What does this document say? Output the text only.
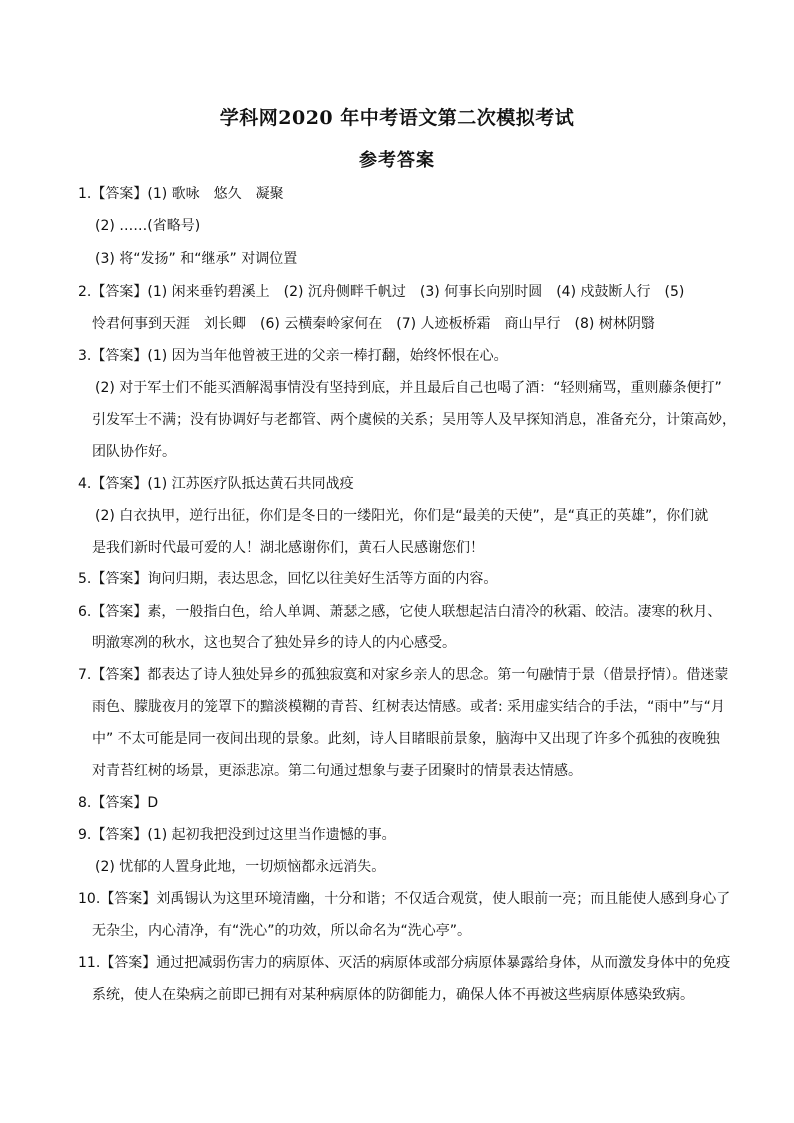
学科网2020 年中考语文第二次模拟考试
参考答案
1.【答案】(1) 歌咏　悠久　凝聚
(2) ……(省略号)
(3) 将“发扬” 和“继承” 对调位置
2.【答案】(1) 闲来垂钓碧溪上　(2) 沉舟侧畔千帆过　(3) 何事长向别时圆　(4) 戍鼓断人行　(5)
怜君何事到天涯　刘长卿　(6) 云横秦岭家何在　(7) 人迹板桥霜　商山早行　(8) 树林阴翳
3.【答案】(1) 因为当年他曾被王进的父亲一棒打翻，始终怀恨在心。
(2) 对于军士们不能买酒解渴事情没有坚持到底，并且最后自己也喝了酒：“轻则痛骂，重则藤条便打”
引发军士不满；没有协调好与老都管、两个虞候的关系；吴用等人及早探知消息，准备充分，计策高妙，
团队协作好。
4.【答案】(1) 江苏医疗队抵达黄石共同战疫
(2) 白衣执甲，逆行出征，你们是冬日的一缕阳光，你们是“最美的天使”，是“真正的英雄”，你们就
是我们新时代最可爱的人！湖北感谢你们，黄石人民感谢您们！
5.【答案】询问归期，表达思念，回忆以往美好生活等方面的内容。
6.【答案】素，一般指白色，给人单调、萧瑟之感，它使人联想起洁白清冷的秋霜、皎洁。凄寒的秋月、
明澈寒冽的秋水，这也契合了独处异乡的诗人的内心感受。
7.【答案】都表达了诗人独处异乡的孤独寂寞和对家乡亲人的思念。第一句融情于景（借景抒情）。借迷蒙
雨色、朦胧夜月的笼罩下的黯淡模糊的青苔、红树表达情感。或者: 采用虚实结合的手法，“雨中”与“月
中” 不太可能是同一夜间出现的景象。此刻，诗人目睹眼前景象，脑海中又出现了许多个孤独的夜晚独
对青苔红树的场景，更添悲凉。第二句通过想象与妻子团聚时的情景表达情感。
8.【答案】D
9.【答案】(1) 起初我把没到过这里当作遗憾的事。
(2) 忧郁的人置身此地，一切烦恼都永远消失。
10.【答案】刘禹锡认为这里环境清幽，十分和谐；不仅适合观赏，使人眼前一亮；而且能使人感到身心了
无杂尘，内心清净，有“洗心”的功效，所以命名为“洗心亭”。
11.【答案】通过把减弱伤害力的病原体、灭活的病原体或部分病原体暴露给身体，从而激发身体中的免疫
系统，使人在染病之前即已拥有对某种病原体的防御能力，确保人体不再被这些病原体感染致病。
